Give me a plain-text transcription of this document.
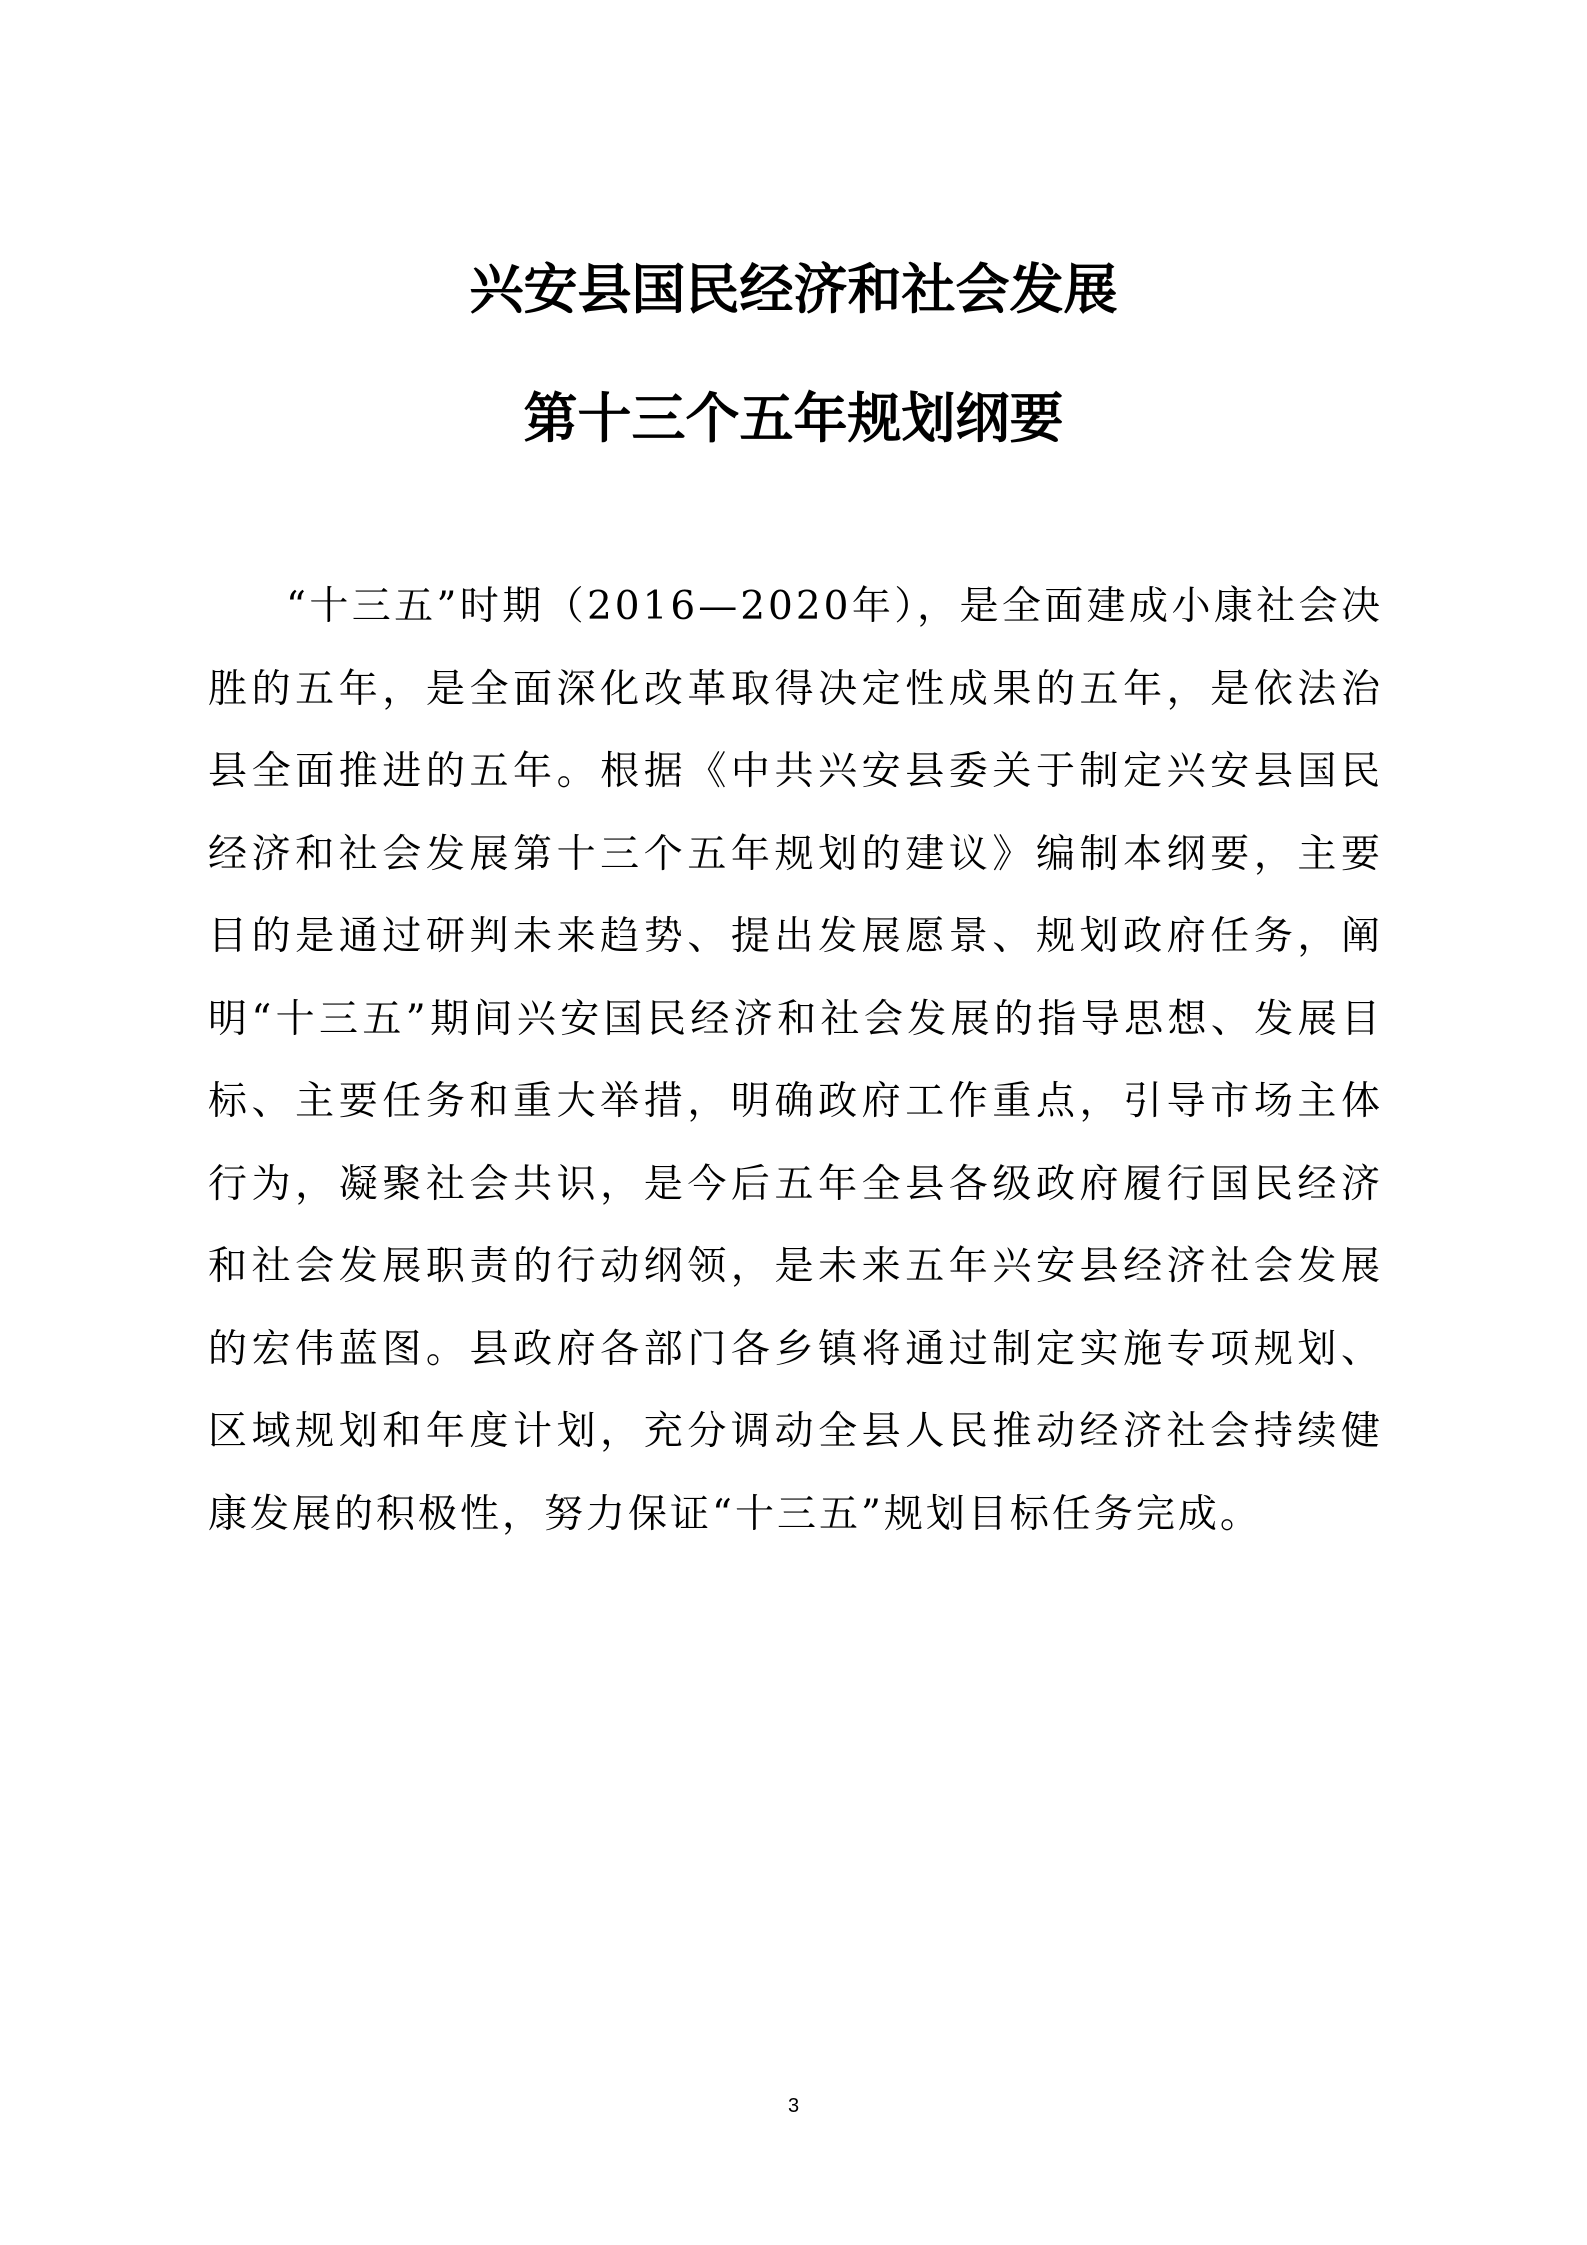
兴安县国民经济和社会发展
第十三个五年规划纲要

“十三五”时期（2016—2020年），是全面建成小康社会决胜的五年，是全面深化改革取得决定性成果的五年，是依法治县全面推进的五年。根据《中共兴安县委关于制定兴安县国民经济和社会发展第十三个五年规划的建议》编制本纲要，主要目的是通过研判未来趋势、提出发展愿景、规划政府任务，阐明“十三五”期间兴安国民经济和社会发展的指导思想、发展目标、主要任务和重大举措，明确政府工作重点，引导市场主体行为，凝聚社会共识，是今后五年全县各级政府履行国民经济和社会发展职责的行动纲领，是未来五年兴安县经济社会发展的宏伟蓝图。县政府各部门各乡镇将通过制定实施专项规划、区域规划和年度计划，充分调动全县人民推动经济社会持续健康发展的积极性，努力保证“十三五”规划目标任务完成。

3
